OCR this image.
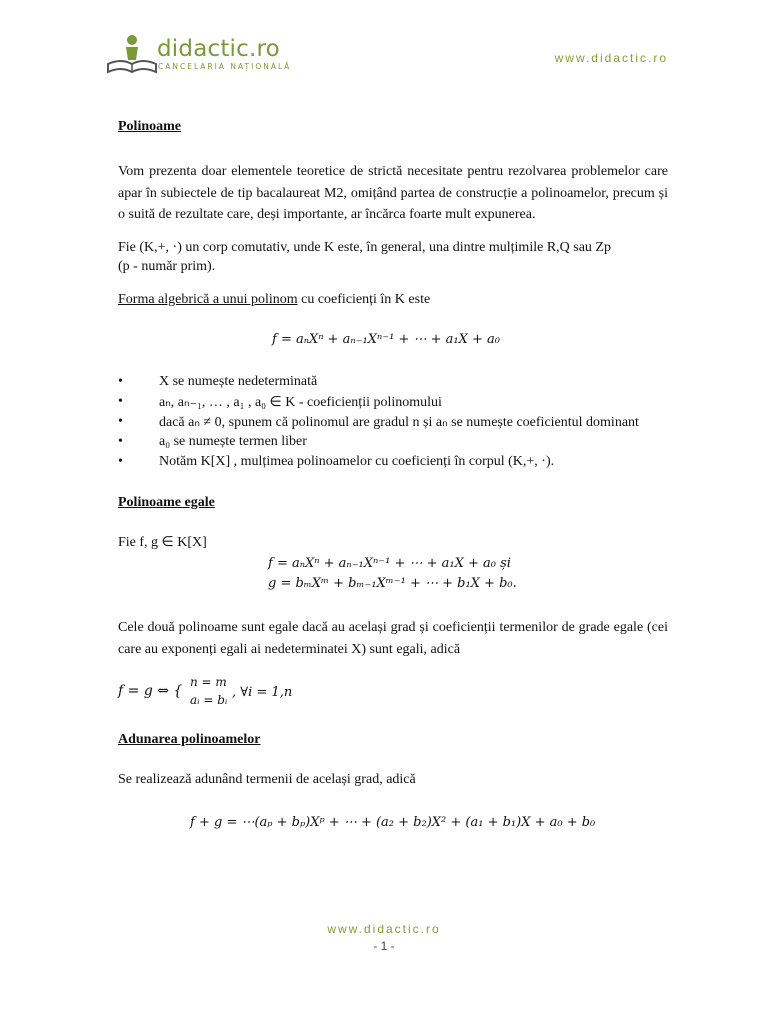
didactic.ro
CANCELARIA NAȚIONALĂ
www.didactic.ro
Polinoame
Vom prezenta doar elementele teoretice de strictă necesitate pentru rezolvarea problemelor care apar în subiectele de tip bacalaureat M2, omițând partea de construcție a polinoamelor, precum și o suită de rezultate care, deși importante, ar încărca foarte mult expunerea.
Fie (K,+, ·) un corp comutativ, unde K este, în general, una dintre mulțimile R,Q sau Zp
(p - număr prim).
Forma algebrică a unui polinom cu coeficienți în K este
f = aₙXⁿ + aₙ₋₁Xⁿ⁻¹ + ⋯ + a₁X + a₀
•	X se numește nedeterminată
•	aₙ, aₙ₋₁, … , a₁ , a₀ ∈ K - coeficienții polinomului
•	dacă aₙ ≠ 0, spunem că polinomul are gradul n și aₙ se numește coeficientul dominant
•	a₀ se numește termen liber
•	Notăm K[X] , mulțimea polinoamelor cu coeficienți în corpul (K,+, ·).
Polinoame egale
Fie f, g ∈ K[X]
f = aₙXⁿ + aₙ₋₁Xⁿ⁻¹ + ⋯ + a₁X + a₀ și
g = bₘXᵐ + bₘ₋₁Xᵐ⁻¹ + ⋯ + b₁X + b₀.
Cele două polinoame sunt egale dacă au același grad și coeficienții termenilor de grade egale (cei care au exponenți egali ai nedeterminatei X) sunt egali, adică
f = g ⇔ {
n = m
aᵢ = bᵢ , ∀i = 1,n
Adunarea polinoamelor
Se realizează adunând termenii de același grad, adică
f + g = ⋯(aₚ + bₚ)Xᵖ + ⋯ + (a₂ + b₂)X² + (a₁ + b₁)X + a₀ + b₀
www.didactic.ro
- 1 -
